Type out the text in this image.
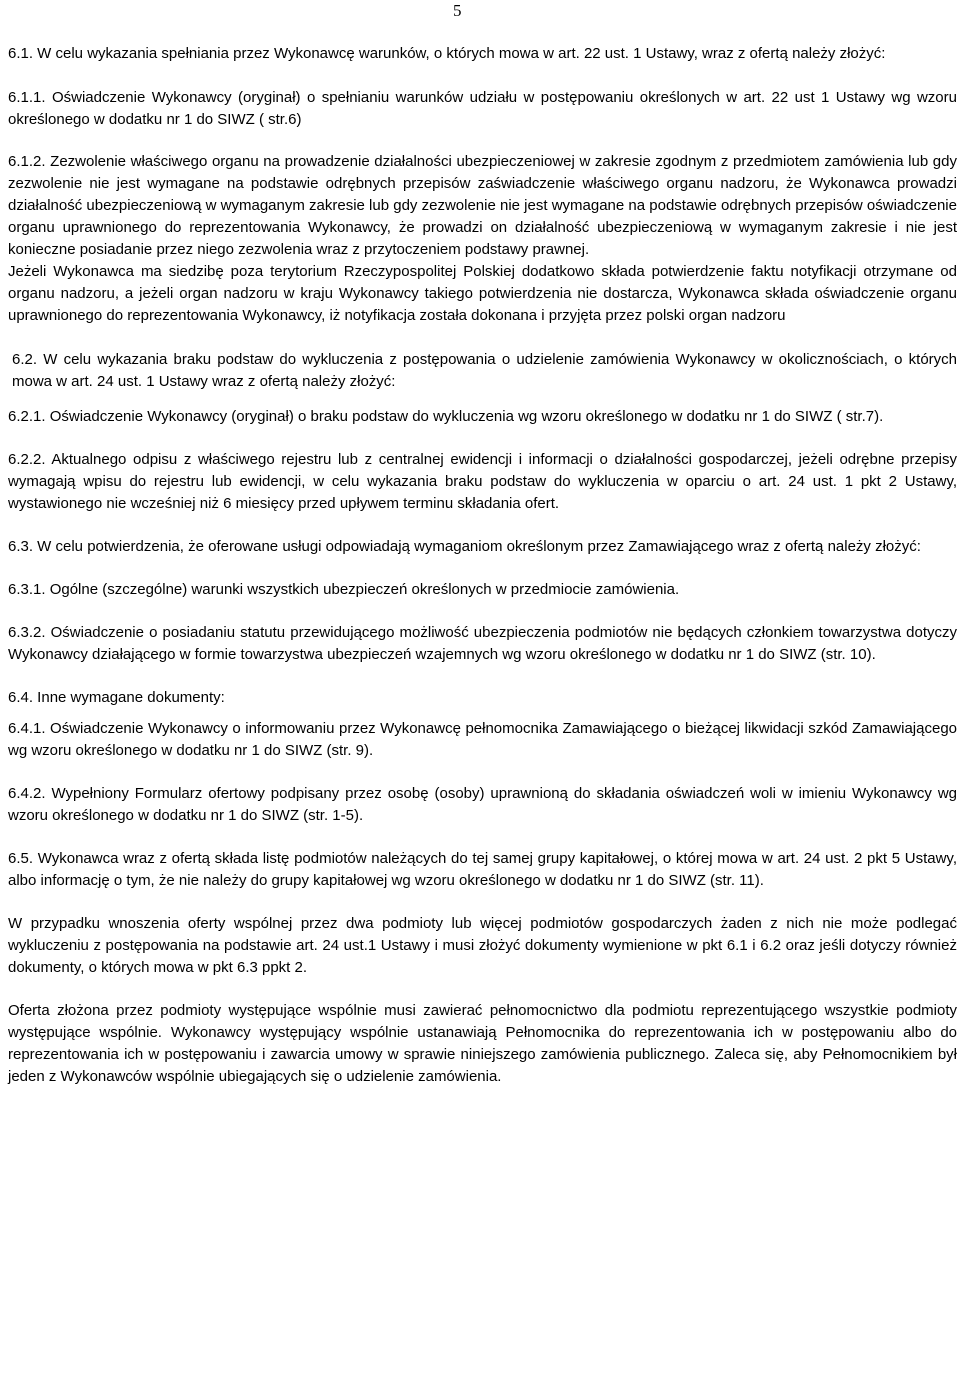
5

6.1. W celu wykazania spełniania przez Wykonawcę warunków, o których mowa w art. 22 ust. 1 Ustawy, wraz z ofertą należy złożyć:

6.1.1. Oświadczenie Wykonawcy (oryginał) o spełnianiu warunków udziału w postępowaniu określonych w art. 22 ust 1 Ustawy wg wzoru określonego w dodatku nr 1 do SIWZ ( str.6)

6.1.2. Zezwolenie właściwego organu na prowadzenie działalności ubezpieczeniowej w zakresie zgodnym z przedmiotem zamówienia lub gdy zezwolenie nie jest wymagane na podstawie odrębnych przepisów zaświadczenie właściwego organu nadzoru, że Wykonawca prowadzi działalność ubezpieczeniową w wymaganym zakresie lub gdy zezwolenie nie jest wymagane na podstawie odrębnych przepisów oświadczenie organu uprawnionego do reprezentowania Wykonawcy, że prowadzi on działalność ubezpieczeniową w wymaganym zakresie i nie jest konieczne posiadanie przez niego zezwolenia wraz z przytoczeniem podstawy prawnej.

Jeżeli Wykonawca ma siedzibę poza terytorium Rzeczypospolitej Polskiej dodatkowo składa potwierdzenie faktu notyfikacji otrzymane od organu nadzoru, a jeżeli organ nadzoru w kraju Wykonawcy takiego potwierdzenia nie dostarcza, Wykonawca składa oświadczenie organu uprawnionego do reprezentowania Wykonawcy, iż notyfikacja została dokonana i przyjęta przez polski organ nadzoru

6.2. W celu wykazania braku podstaw do wykluczenia z postępowania o udzielenie zamówienia Wykonawcy w okolicznościach, o których mowa w art. 24 ust. 1 Ustawy wraz z ofertą należy złożyć:

6.2.1. Oświadczenie Wykonawcy (oryginał) o braku podstaw do wykluczenia wg wzoru określonego w dodatku nr 1 do SIWZ ( str.7).

6.2.2. Aktualnego odpisu z właściwego rejestru lub z centralnej ewidencji i informacji o działalności gospodarczej, jeżeli odrębne przepisy wymagają wpisu do rejestru lub ewidencji, w celu wykazania braku podstaw do wykluczenia w oparciu o art. 24 ust. 1 pkt 2 Ustawy, wystawionego nie wcześniej niż 6 miesięcy przed upływem terminu składania ofert.

6.3. W celu potwierdzenia, że oferowane usługi odpowiadają wymaganiom określonym przez Zamawiającego wraz z ofertą należy złożyć:

6.3.1. Ogólne (szczególne) warunki wszystkich ubezpieczeń określonych w przedmiocie zamówienia.

6.3.2. Oświadczenie o posiadaniu statutu przewidującego możliwość ubezpieczenia podmiotów nie będących członkiem towarzystwa dotyczy Wykonawcy działającego w formie towarzystwa ubezpieczeń wzajemnych wg wzoru określonego w dodatku nr 1 do SIWZ (str. 10).

6.4. Inne wymagane dokumenty:

6.4.1. Oświadczenie Wykonawcy o informowaniu przez Wykonawcę pełnomocnika Zamawiającego o bieżącej likwidacji szkód Zamawiającego wg wzoru określonego w dodatku nr 1 do SIWZ (str. 9).

6.4.2. Wypełniony Formularz ofertowy podpisany przez osobę (osoby) uprawnioną do składania oświadczeń woli w imieniu Wykonawcy wg wzoru określonego w dodatku nr 1 do SIWZ (str. 1-5).

6.5. Wykonawca wraz z ofertą składa listę podmiotów należących do tej samej grupy kapitałowej, o której mowa w art. 24 ust. 2 pkt 5 Ustawy, albo informację o tym, że nie należy do grupy kapitałowej wg wzoru określonego w dodatku nr 1 do SIWZ (str. 11).

W przypadku wnoszenia oferty wspólnej przez dwa podmioty lub więcej podmiotów gospodarczych żaden z nich nie może podlegać wykluczeniu z postępowania na podstawie art. 24 ust.1 Ustawy i musi złożyć dokumenty wymienione w pkt 6.1 i 6.2 oraz jeśli dotyczy również dokumenty, o których mowa w pkt 6.3 ppkt 2.

Oferta złożona przez podmioty występujące wspólnie musi zawierać pełnomocnictwo dla podmiotu reprezentującego wszystkie podmioty występujące wspólnie. Wykonawcy występujący wspólnie ustanawiają Pełnomocnika do reprezentowania ich w postępowaniu albo do reprezentowania ich w postępowaniu i zawarcia umowy w sprawie niniejszego zamówienia publicznego. Zaleca się, aby Pełnomocnikiem był jeden z Wykonawców wspólnie ubiegających się o udzielenie zamówienia.
